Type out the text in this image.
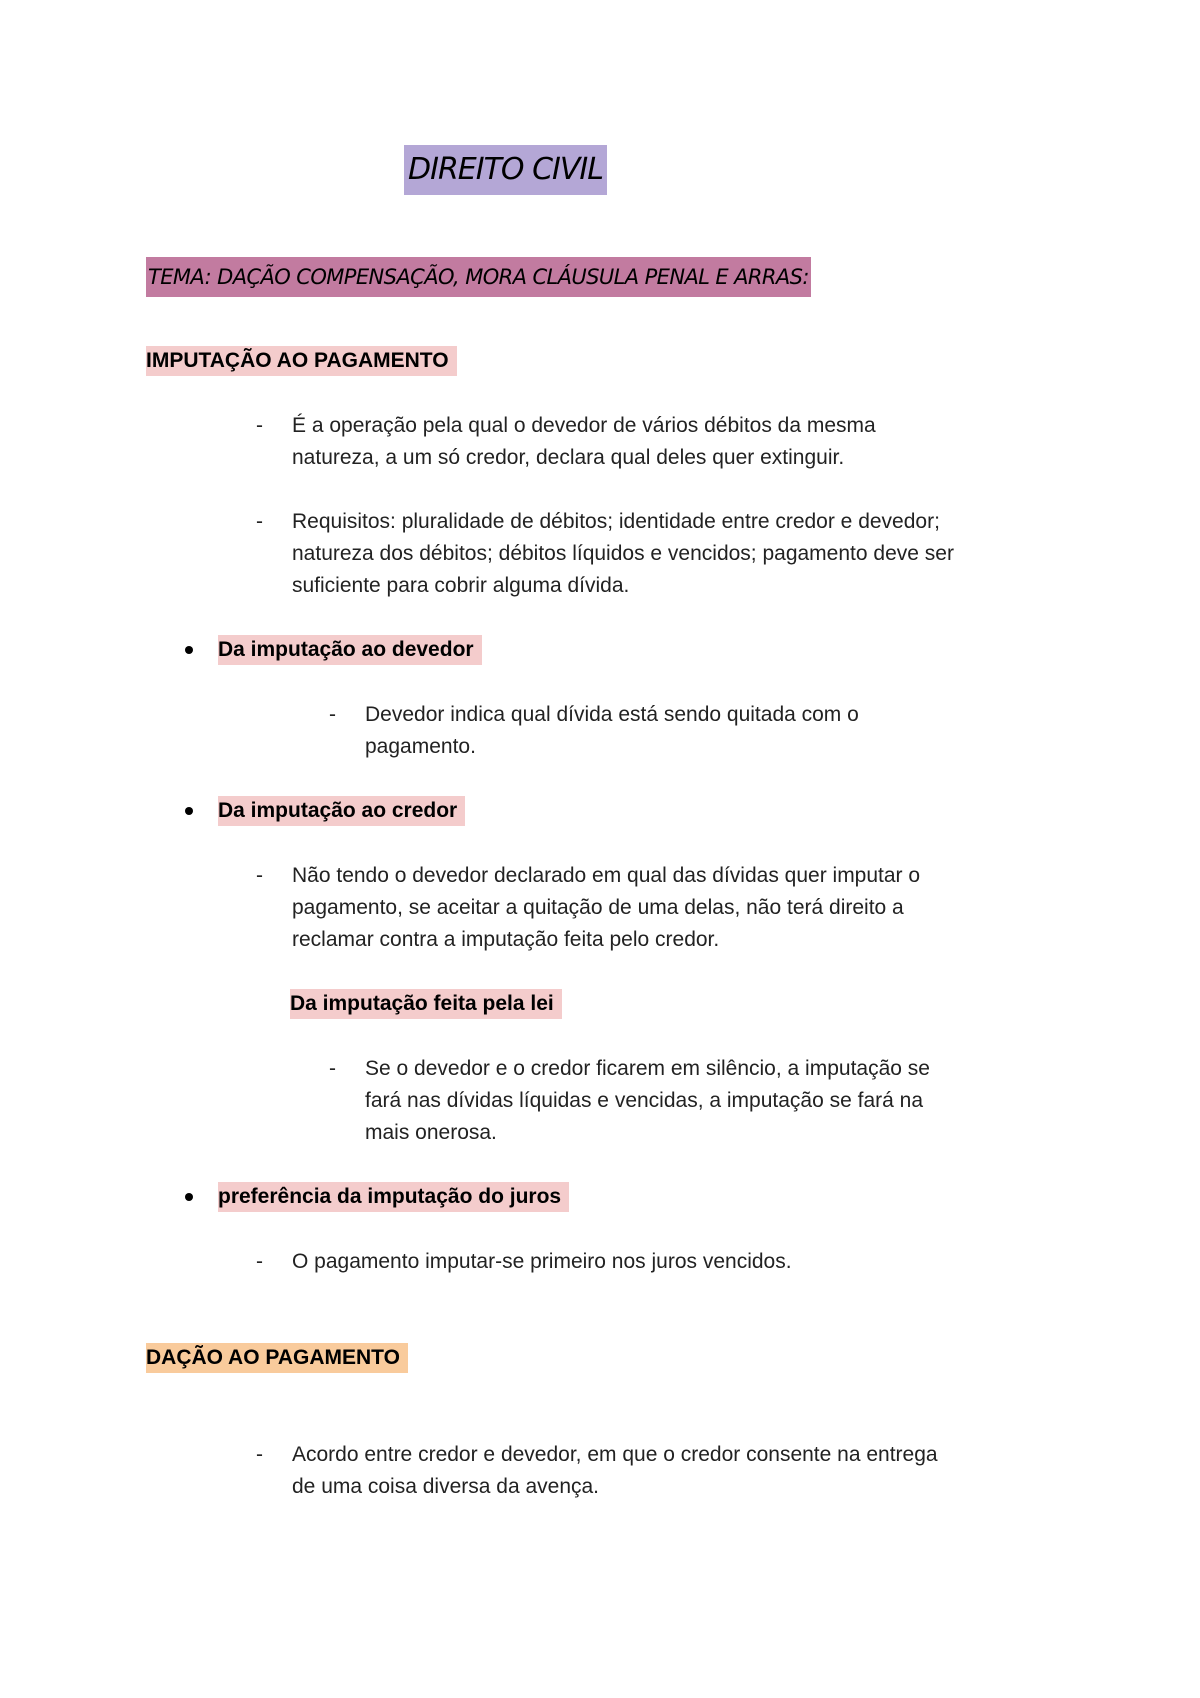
DIREITO CIVIL
TEMA: DAÇÃO COMPENSAÇÃO, MORA CLÁUSULA PENAL E ARRAS:
IMPUTAÇÃO AO PAGAMENTO
- É a operação pela qual o devedor de vários débitos da mesma
natureza, a um só credor, declara qual deles quer extinguir.
- Requisitos: pluralidade de débitos; identidade entre credor e devedor;
natureza dos débitos; débitos líquidos e vencidos; pagamento deve ser
suficiente para cobrir alguma dívida.
Da imputação ao devedor
- Devedor indica qual dívida está sendo quitada com o
pagamento.
Da imputação ao credor
- Não tendo o devedor declarado em qual das dívidas quer imputar o
pagamento, se aceitar a quitação de uma delas, não terá direito a
reclamar contra a imputação feita pelo credor.
Da imputação feita pela lei
- Se o devedor e o credor ficarem em silêncio, a imputação se
fará nas dívidas líquidas e vencidas, a imputação se fará na
mais onerosa.
preferência da imputação do juros
- O pagamento imputar-se primeiro nos juros vencidos.
DAÇÃO AO PAGAMENTO
- Acordo entre credor e devedor, em que o credor consente na entrega
de uma coisa diversa da avença.
